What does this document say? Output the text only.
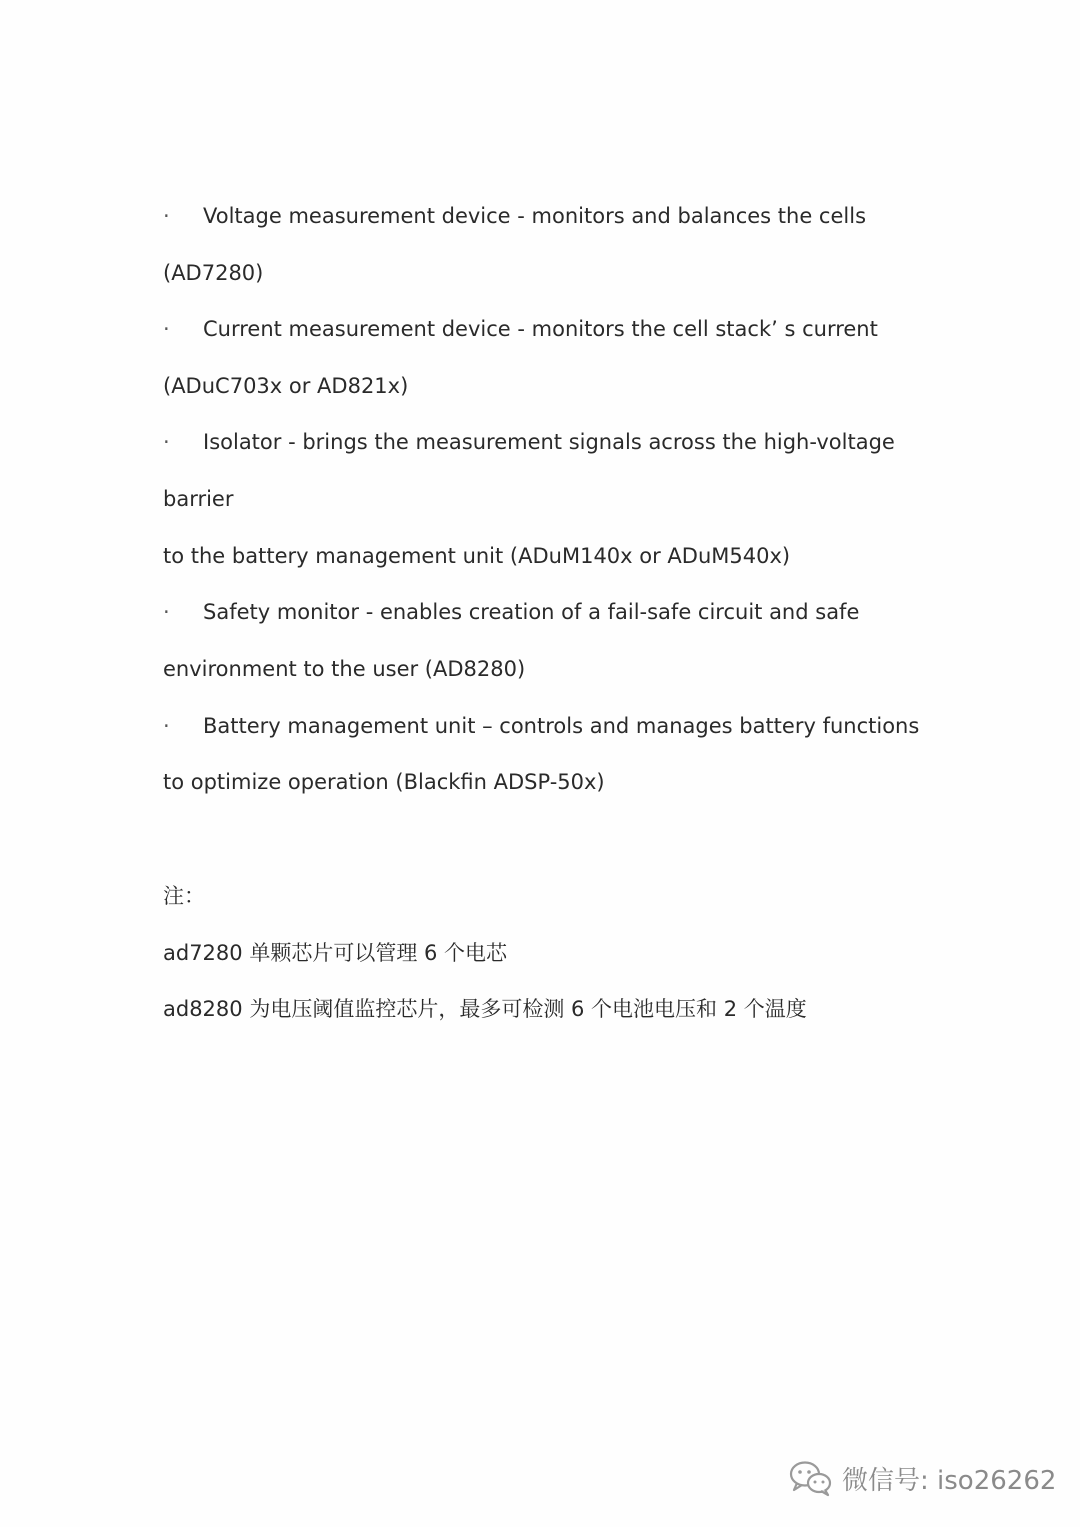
· Voltage measurement device - monitors and balances the cells
(AD7280)
· Current measurement device - monitors the cell stack’ s current
(ADuC703x or AD821x)
· Isolator - brings the measurement signals across the high-voltage
barrier
to the battery management unit (ADuM140x or ADuM540x)
· Safety monitor - enables creation of a fail-safe circuit and safe
environment to the user (AD8280)
· Battery management unit – controls and manages battery functions
to optimize operation (Blackfin ADSP-50x)
注：
ad7280 单颗芯片可以管理 6 个电芯
ad8280 为电压阈值监控芯片，最多可检测 6 个电池电压和 2 个温度
微信号: iso26262
